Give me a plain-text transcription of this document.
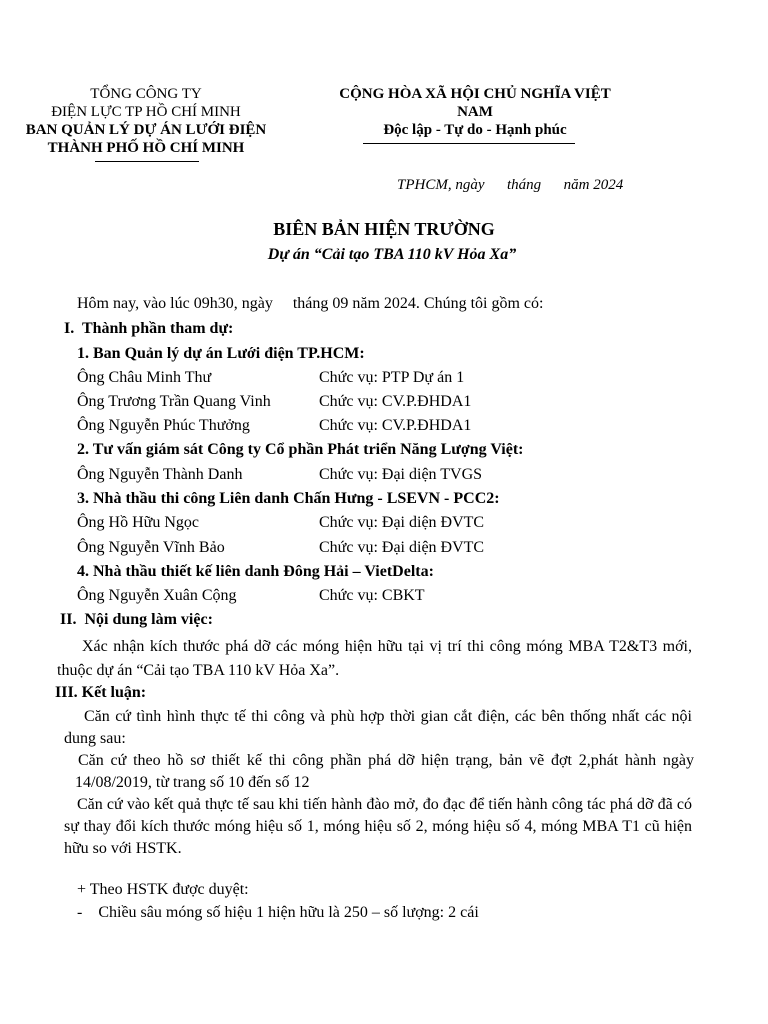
TỔNG CÔNG TY
ĐIỆN LỰC TP HỒ CHÍ MINH
BAN QUẢN LÝ DỰ ÁN LƯỚI ĐIỆN
THÀNH PHỐ HỒ CHÍ MINH
CỘNG HÒA XÃ HỘI CHỦ NGHĨA VIỆT
NAM
Độc lập - Tự do - Hạnh phúc
TPHCM, ngày      tháng      năm 2024
BIÊN BẢN HIỆN TRƯỜNG
Dự án “Cải tạo TBA 110 kV Hỏa Xa”
Hôm nay, vào lúc 09h30, ngày     tháng 09 năm 2024. Chúng tôi gồm có:
I.  Thành phần tham dự:
1. Ban Quản lý dự án Lưới điện TP.HCM:
Ông Châu Minh Thư	Chức vụ: PTP Dự án 1
Ông Trương Trần Quang Vinh	Chức vụ: CV.P.ĐHDA1
Ông Nguyễn Phúc Thưởng	Chức vụ: CV.P.ĐHDA1
2. Tư vấn giám sát Công ty Cổ phần Phát triển Năng Lượng Việt:
Ông Nguyễn Thành Danh	Chức vụ: Đại diện TVGS
3. Nhà thầu thi công Liên danh Chấn Hưng - LSEVN - PCC2:
Ông Hồ Hữu Ngọc	Chức vụ: Đại diện ĐVTC
Ông Nguyễn Vĩnh Bảo	Chức vụ: Đại diện ĐVTC
4. Nhà thầu thiết kế liên danh Đông Hải – VietDelta:
Ông Nguyễn Xuân Cộng	Chức vụ: CBKT
II.  Nội dung làm việc:
Xác nhận kích thước phá dỡ các móng hiện hữu tại vị trí thi công móng MBA T2&T3 mới, thuộc dự án “Cải tạo TBA 110 kV Hỏa Xa”.
III. Kết luận:
Căn cứ tình hình thực tế thi công và phù hợp thời gian cắt điện, các bên thống nhất các nội dung sau:
Căn cứ theo hồ sơ thiết kế thi công phần phá dỡ hiện trạng, bản vẽ đợt 2,phát hành ngày 14/08/2019, từ trang số 10 đến số 12
Căn cứ vào kết quả thực tế sau khi tiến hành đào mở, đo đạc để tiến hành công tác phá dỡ đã có sự thay đổi kích thước móng hiệu số 1, móng hiệu số 2, móng hiệu số 4, móng MBA T1 cũ hiện hữu so với HSTK.
+ Theo HSTK được duyệt:
-    Chiều sâu móng số hiệu 1 hiện hữu là 250 – số lượng: 2 cái
